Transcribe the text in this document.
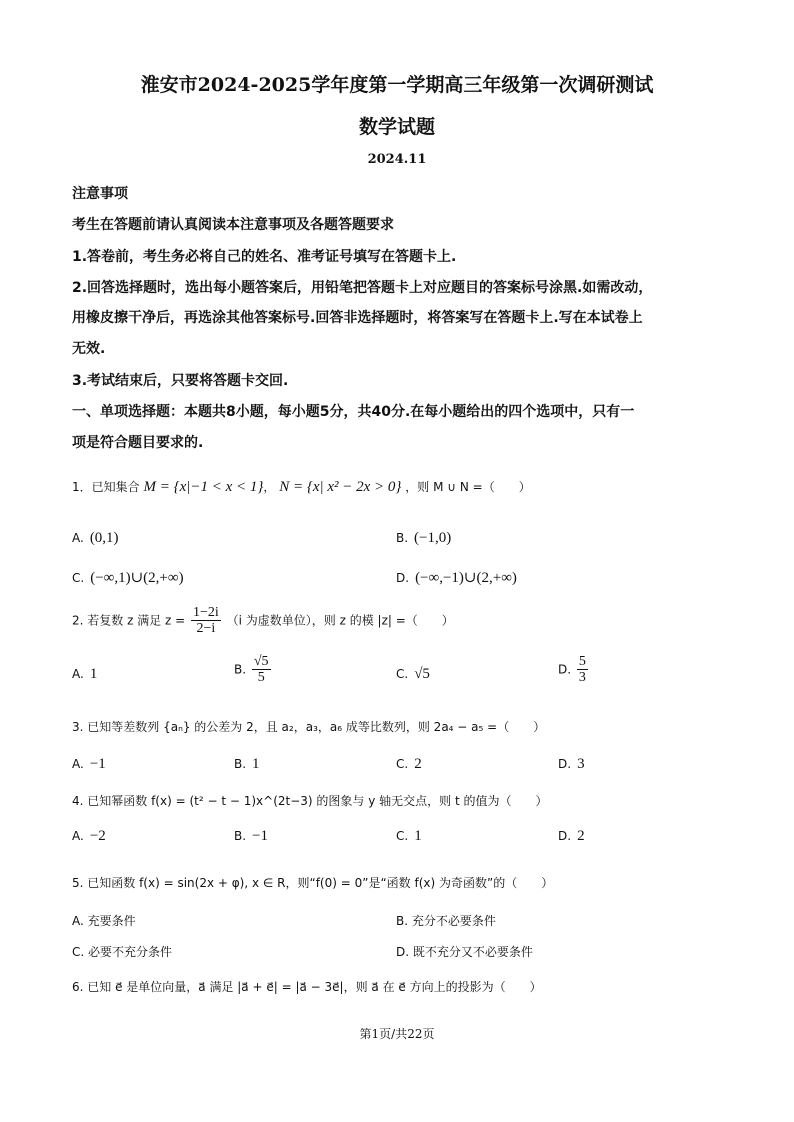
淮安市2024-2025学年度第一学期高三年级第一次调研测试
数学试题
2024.11
注意事项
考生在答题前请认真阅读本注意事项及各题答题要求
1.答卷前，考生务必将自己的姓名、准考证号填写在答题卡上.
2.回答选择题时，选出每小题答案后，用铅笔把答题卡上对应题目的答案标号涂黑.如需改动，
用橡皮擦干净后，再选涂其他答案标号.回答非选择题时，将答案写在答题卡上.写在本试卷上
无效.
3.考试结束后，只要将答题卡交回.
一、单项选择题：本题共8小题，每小题5分，共40分.在每小题给出的四个选项中，只有一
项是符合题目要求的.
1．已知集合 M = {x|−1 < x < 1}， N = {x| x² − 2x > 0} ，则 M ∪ N =（　　）
A. (0,1)	B. (−1,0)
C. (−∞,1)∪(2,+∞)	D. (−∞,−1)∪(2,+∞)
2. 若复数 z 满足 $z = \frac{1-2i}{2-i} (i$ 为虚数单位），则 z 的模 |z| =（　　）
A. 1	B. $\frac{√5}{5}$	C. √5	D. $\frac{5}{3}$
3. 已知等差数列 {aₙ} 的公差为 2，且 a₂，a₃，a₆ 成等比数列，则 2a₄ − a₅ =（　　）
A. −1	B. 1	C. 2	D. 3
4. 已知幂函数 f(x) = (t² − t − 1)x^(2t−3) 的图象与 y 轴无交点，则 t 的值为（　　）
A. −2	B. −1	C. 1	D. 2
5. 已知函数 f(x) = sin(2x + φ), x ∈ R，则“f(0) = 0”是“函数 f(x) 为奇函数”的（　　）
A. 充要条件	B. 充分不必要条件
C. 必要不充分条件	D. 既不充分又不必要条件
6. 已知 e⃗ 是单位向量，a⃗ 满足 |a⃗ + e⃗| = |a⃗ − 3e⃗|，则 a⃗ 在 e⃗ 方向上的投影为（　　）
第1页/共22页
